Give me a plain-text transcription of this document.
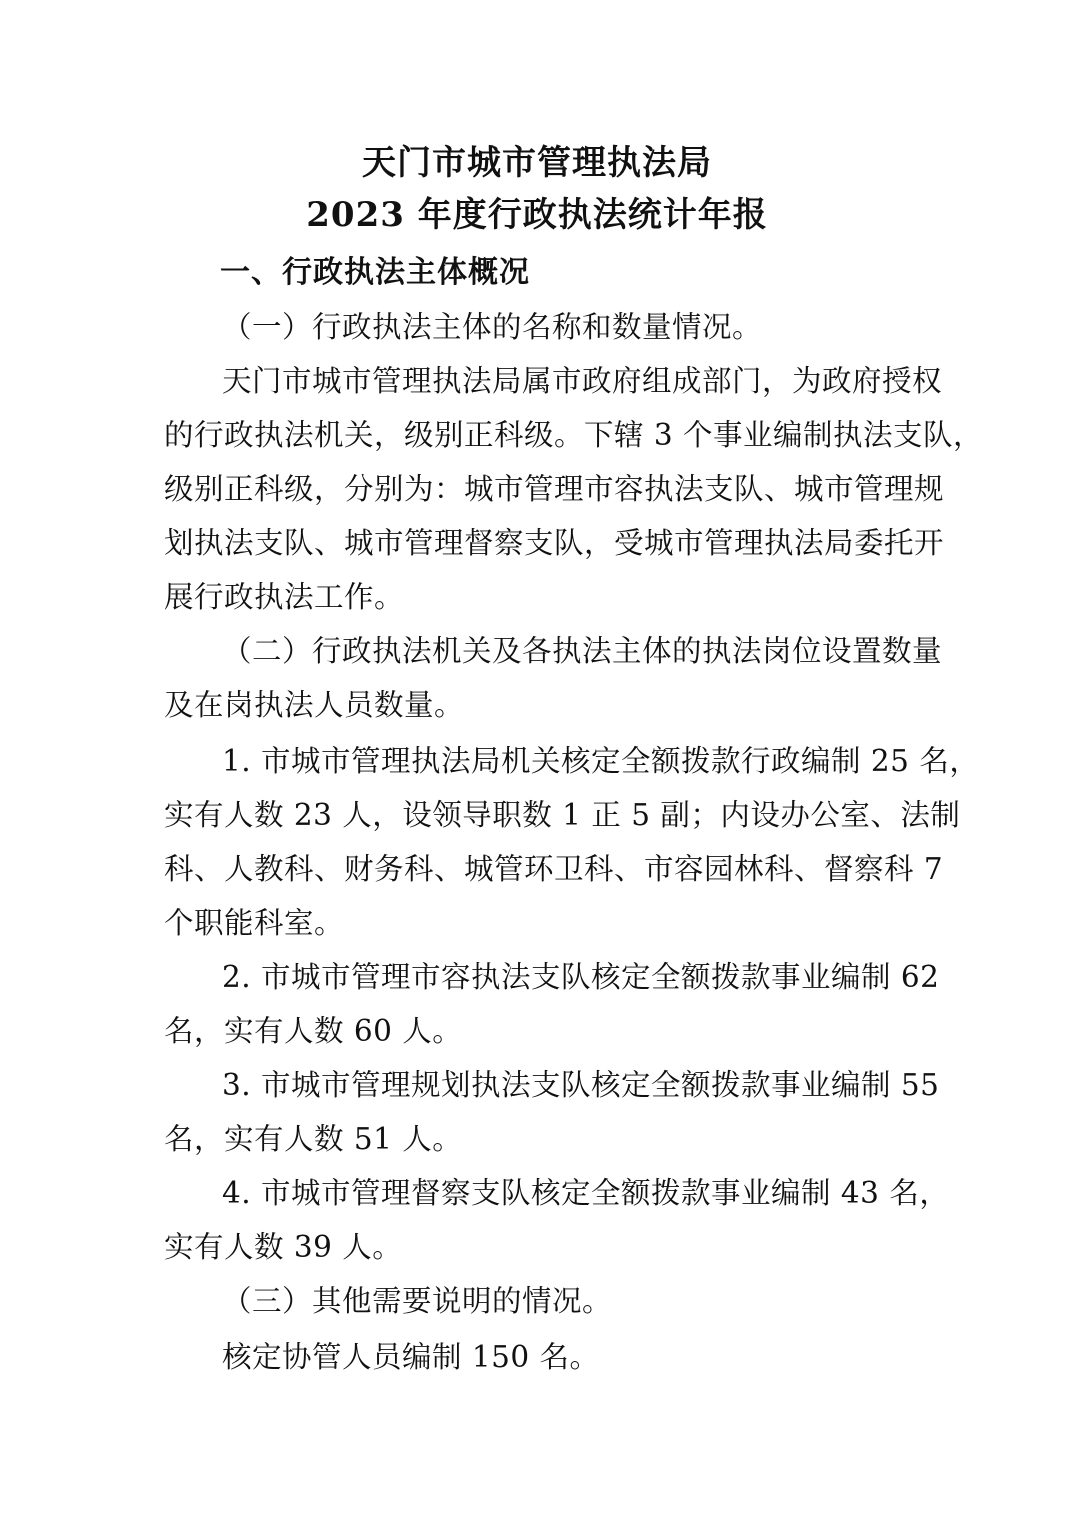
天门市城市管理执法局
2023 年度行政执法统计年报
一、行政执法主体概况
（一）行政执法主体的名称和数量情况。
天门市城市管理执法局属市政府组成部门，为政府授权
的行政执法机关，级别正科级。下辖 3 个事业编制执法支队，
级别正科级，分别为：城市管理市容执法支队、城市管理规
划执法支队、城市管理督察支队，受城市管理执法局委托开
展行政执法工作。
（二）行政执法机关及各执法主体的执法岗位设置数量
及在岗执法人员数量。
1. 市城市管理执法局机关核定全额拨款行政编制 25 名，
实有人数 23 人，设领导职数 1 正 5 副；内设办公室、法制
科、人教科、财务科、城管环卫科、市容园林科、督察科 7
个职能科室。
2. 市城市管理市容执法支队核定全额拨款事业编制 62
名，实有人数 60 人。
3. 市城市管理规划执法支队核定全额拨款事业编制 55
名，实有人数 51 人。
4. 市城市管理督察支队核定全额拨款事业编制 43 名，
实有人数 39 人。
（三）其他需要说明的情况。
核定协管人员编制 150 名。
